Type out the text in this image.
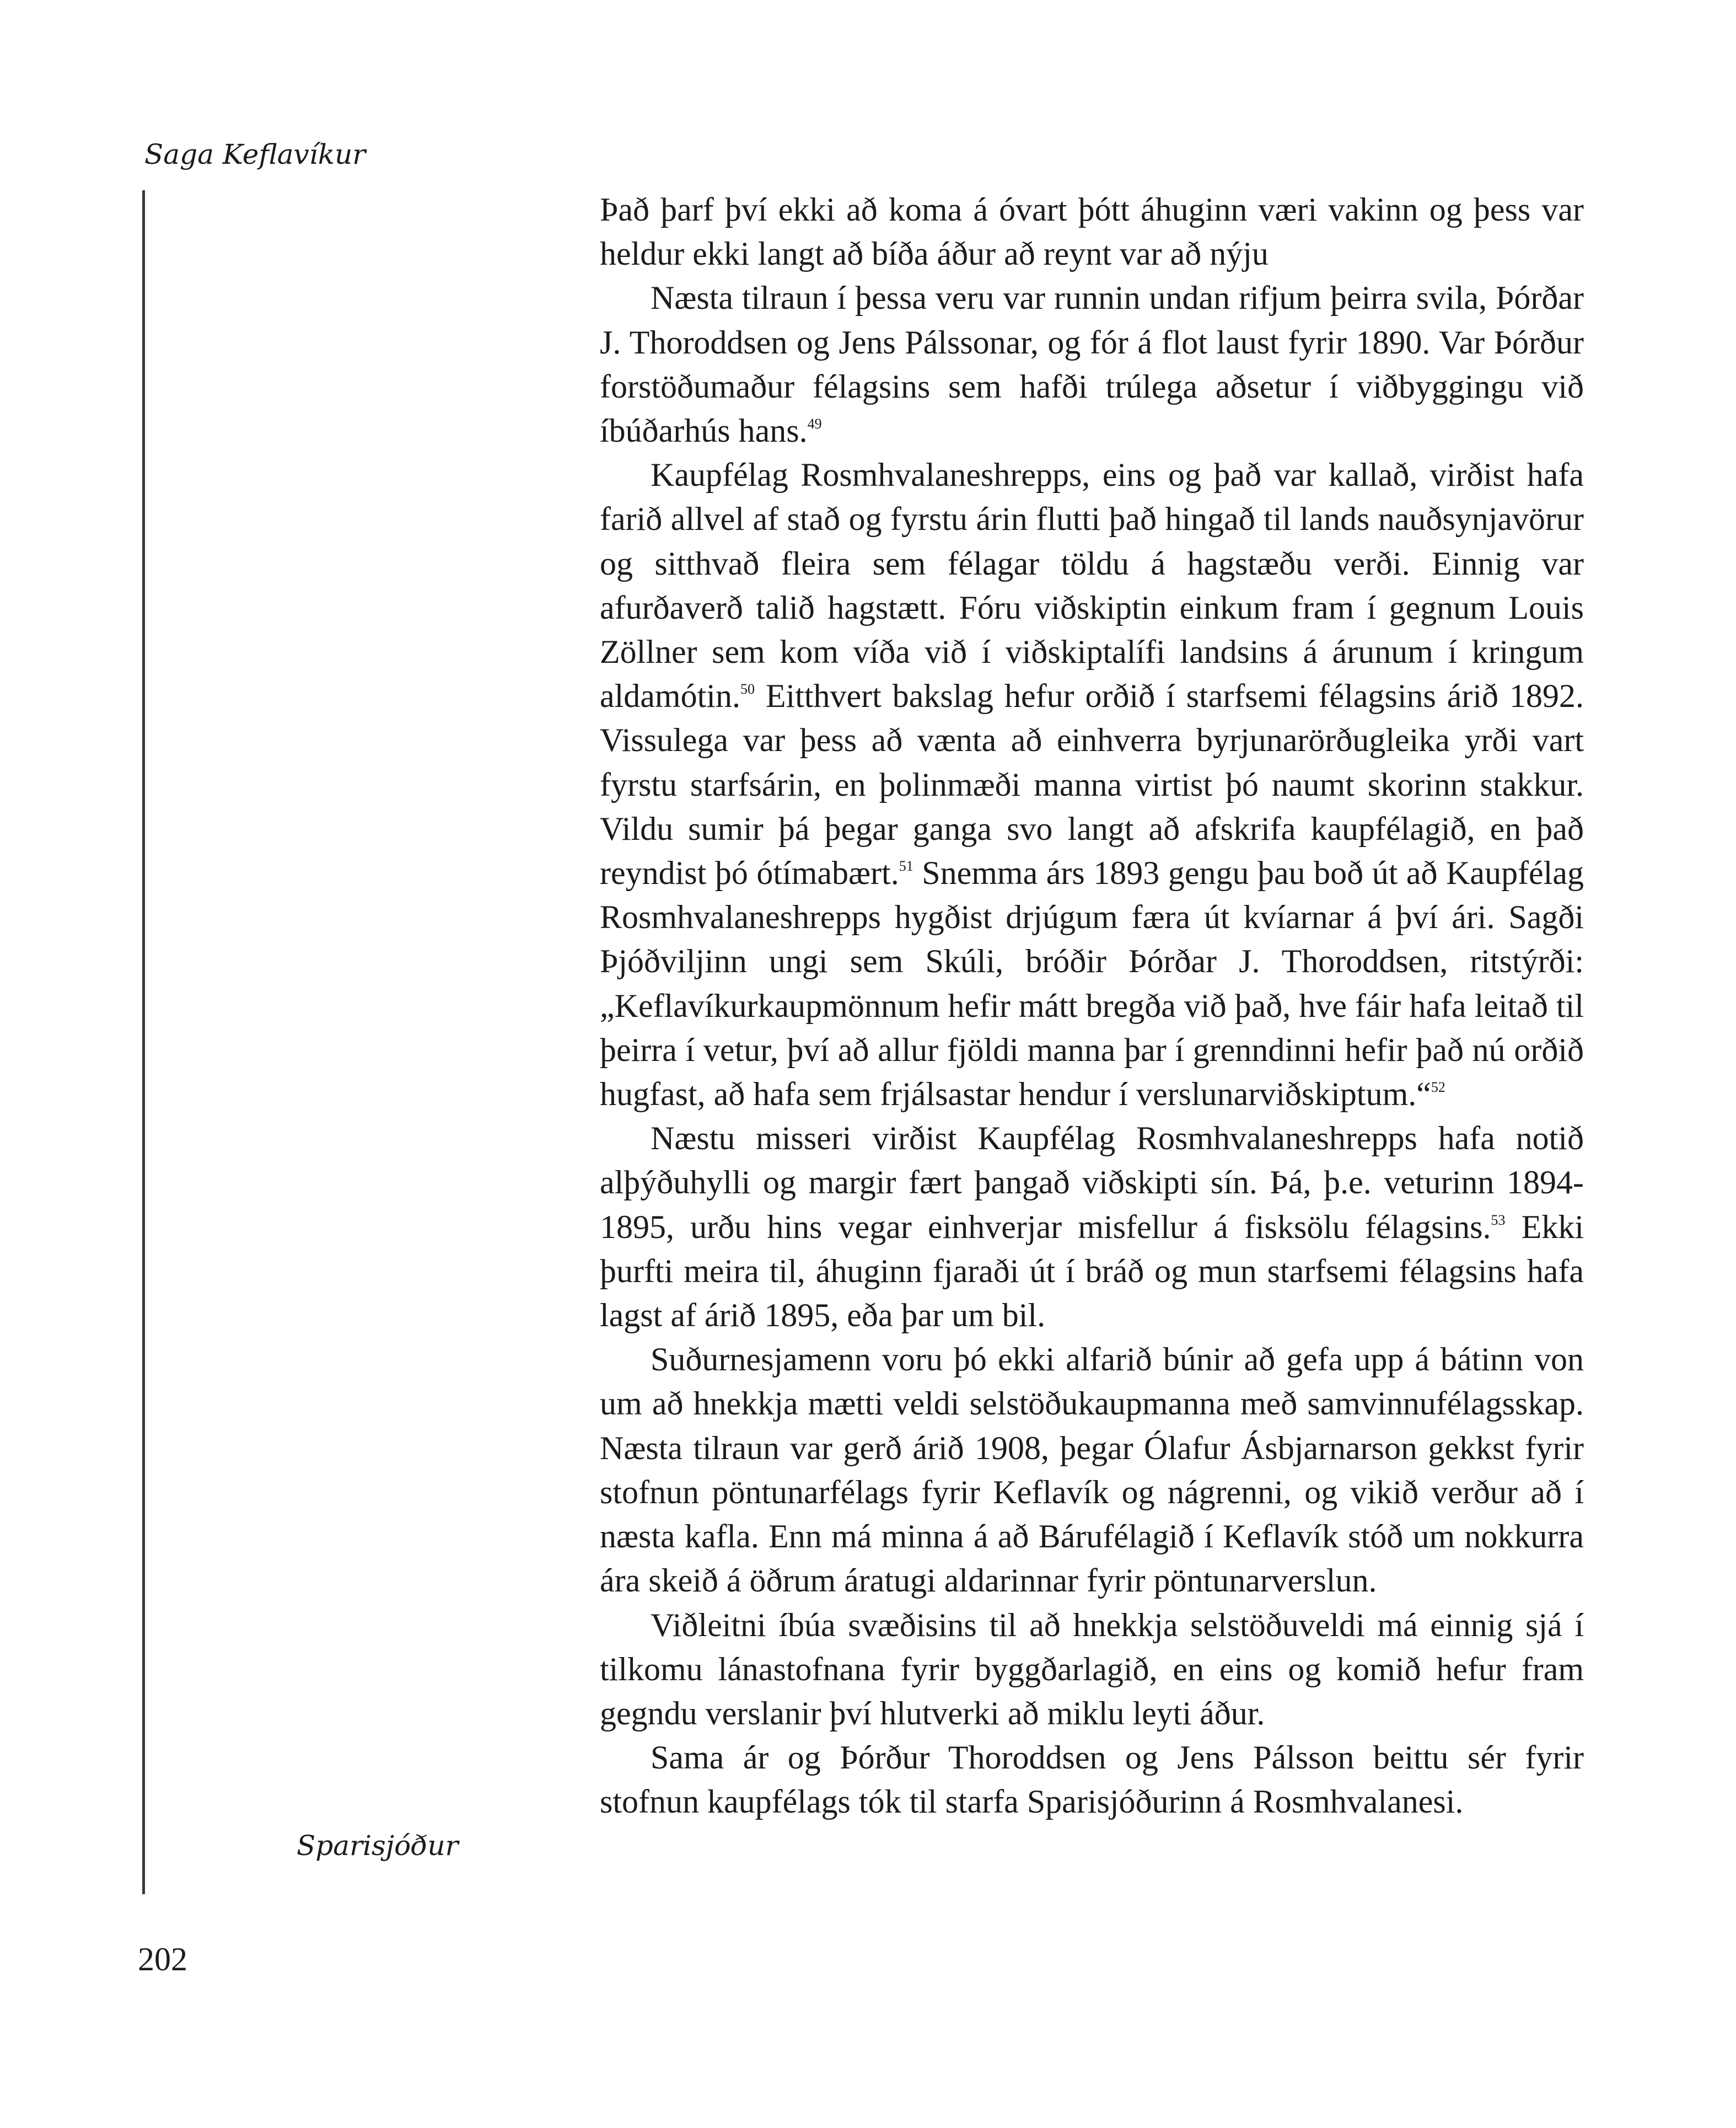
Saga Keflavíkur

Það þarf því ekki að koma á óvart þótt áhuginn væri vakinn og þess var heldur ekki langt að bíða áður að reynt var að nýju

Næsta tilraun í þessa veru var runnin undan rifjum þeirra svila, Þórðar J. Thoroddsen og Jens Pálssonar, og fór á flot laust fyrir 1890. Var Þórður forstöðumaður félagsins sem hafði trúlega aðsetur í viðbyggingu við íbúðarhús hans.$^{49}$

Kaupfélag Rosmhvalaneshrepps, eins og það var kallað, virðist hafa farið allvel af stað og fyrstu árin flutti það hingað til lands nauðsynjavörur og sitthvað fleira sem félagar töldu á hagstæðu verði. Einnig var afurðaverð talið hagstætt. Fóru viðskiptin einkum fram í gegnum Louis Zöllner sem kom víða við í viðskiptalífi landsins á árunum í kringum aldamótin.$^{50}$ Eitthvert bakslag hefur orðið í starfsemi félagsins árið 1892. Vissulega var þess að vænta að einhverra byrjunarörðugleika yrði vart fyrstu starfsárin, en þolinmæði manna virtist þó naumt skorinn stakkur. Vildu sumir þá þegar ganga svo langt að afskrifa kaupfélagið, en það reyndist þó ótímabært.$^{51}$ Snemma árs 1893 gengu þau boð út að Kaupfélag Rosmhvalaneshrepps hygðist drjúgum færa út kvíarnar á því ári. Sagði Þjóðviljinn ungi sem Skúli, bróðir Þórðar J. Thoroddsen, ritstýrði: „Keflavíkurkaupmönnum hefir mátt bregða við það, hve fáir hafa leitað til þeirra í vetur, því að allur fjöldi manna þar í grenndinni hefir það nú orðið hugfast, að hafa sem frjálsastar hendur í verslunarviðskiptum.“$^{52}$

Næstu misseri virðist Kaupfélag Rosmhvalaneshrepps hafa notið alþýðuhylli og margir fært þangað viðskipti sín. Þá, þ.e. veturinn 1894-1895, urðu hins vegar einhverjar misfellur á fisksölu félagsins.$^{53}$ Ekki þurfti meira til, áhuginn fjaraði út í bráð og mun starfsemi félagsins hafa lagst af árið 1895, eða þar um bil.

Suðurnesjamenn voru þó ekki alfarið búnir að gefa upp á bátinn von um að hnekkja mætti veldi selstöðukaupmanna með samvinnufélagsskap. Næsta tilraun var gerð árið 1908, þegar Ólafur Ásbjarnarson gekkst fyrir stofnun pöntunarfélags fyrir Keflavík og nágrenni, og vikið verður að í næsta kafla. Enn má minna á að Bárufélagið í Keflavík stóð um nokkurra ára skeið á öðrum áratugi aldarinnar fyrir pöntunarverslun.

Viðleitni íbúa svæðisins til að hnekkja selstöðuveldi má einnig sjá í tilkomu lánastofnana fyrir byggðarlagið, en eins og komið hefur fram gegndu verslanir því hlutverki að miklu leyti áður.

Sama ár og Þórður Thoroddsen og Jens Pálsson beittu sér fyrir stofnun kaupfélags tók til starfa Sparisjóðurinn á Rosmhvalanesi.

Sparisjóður
202
